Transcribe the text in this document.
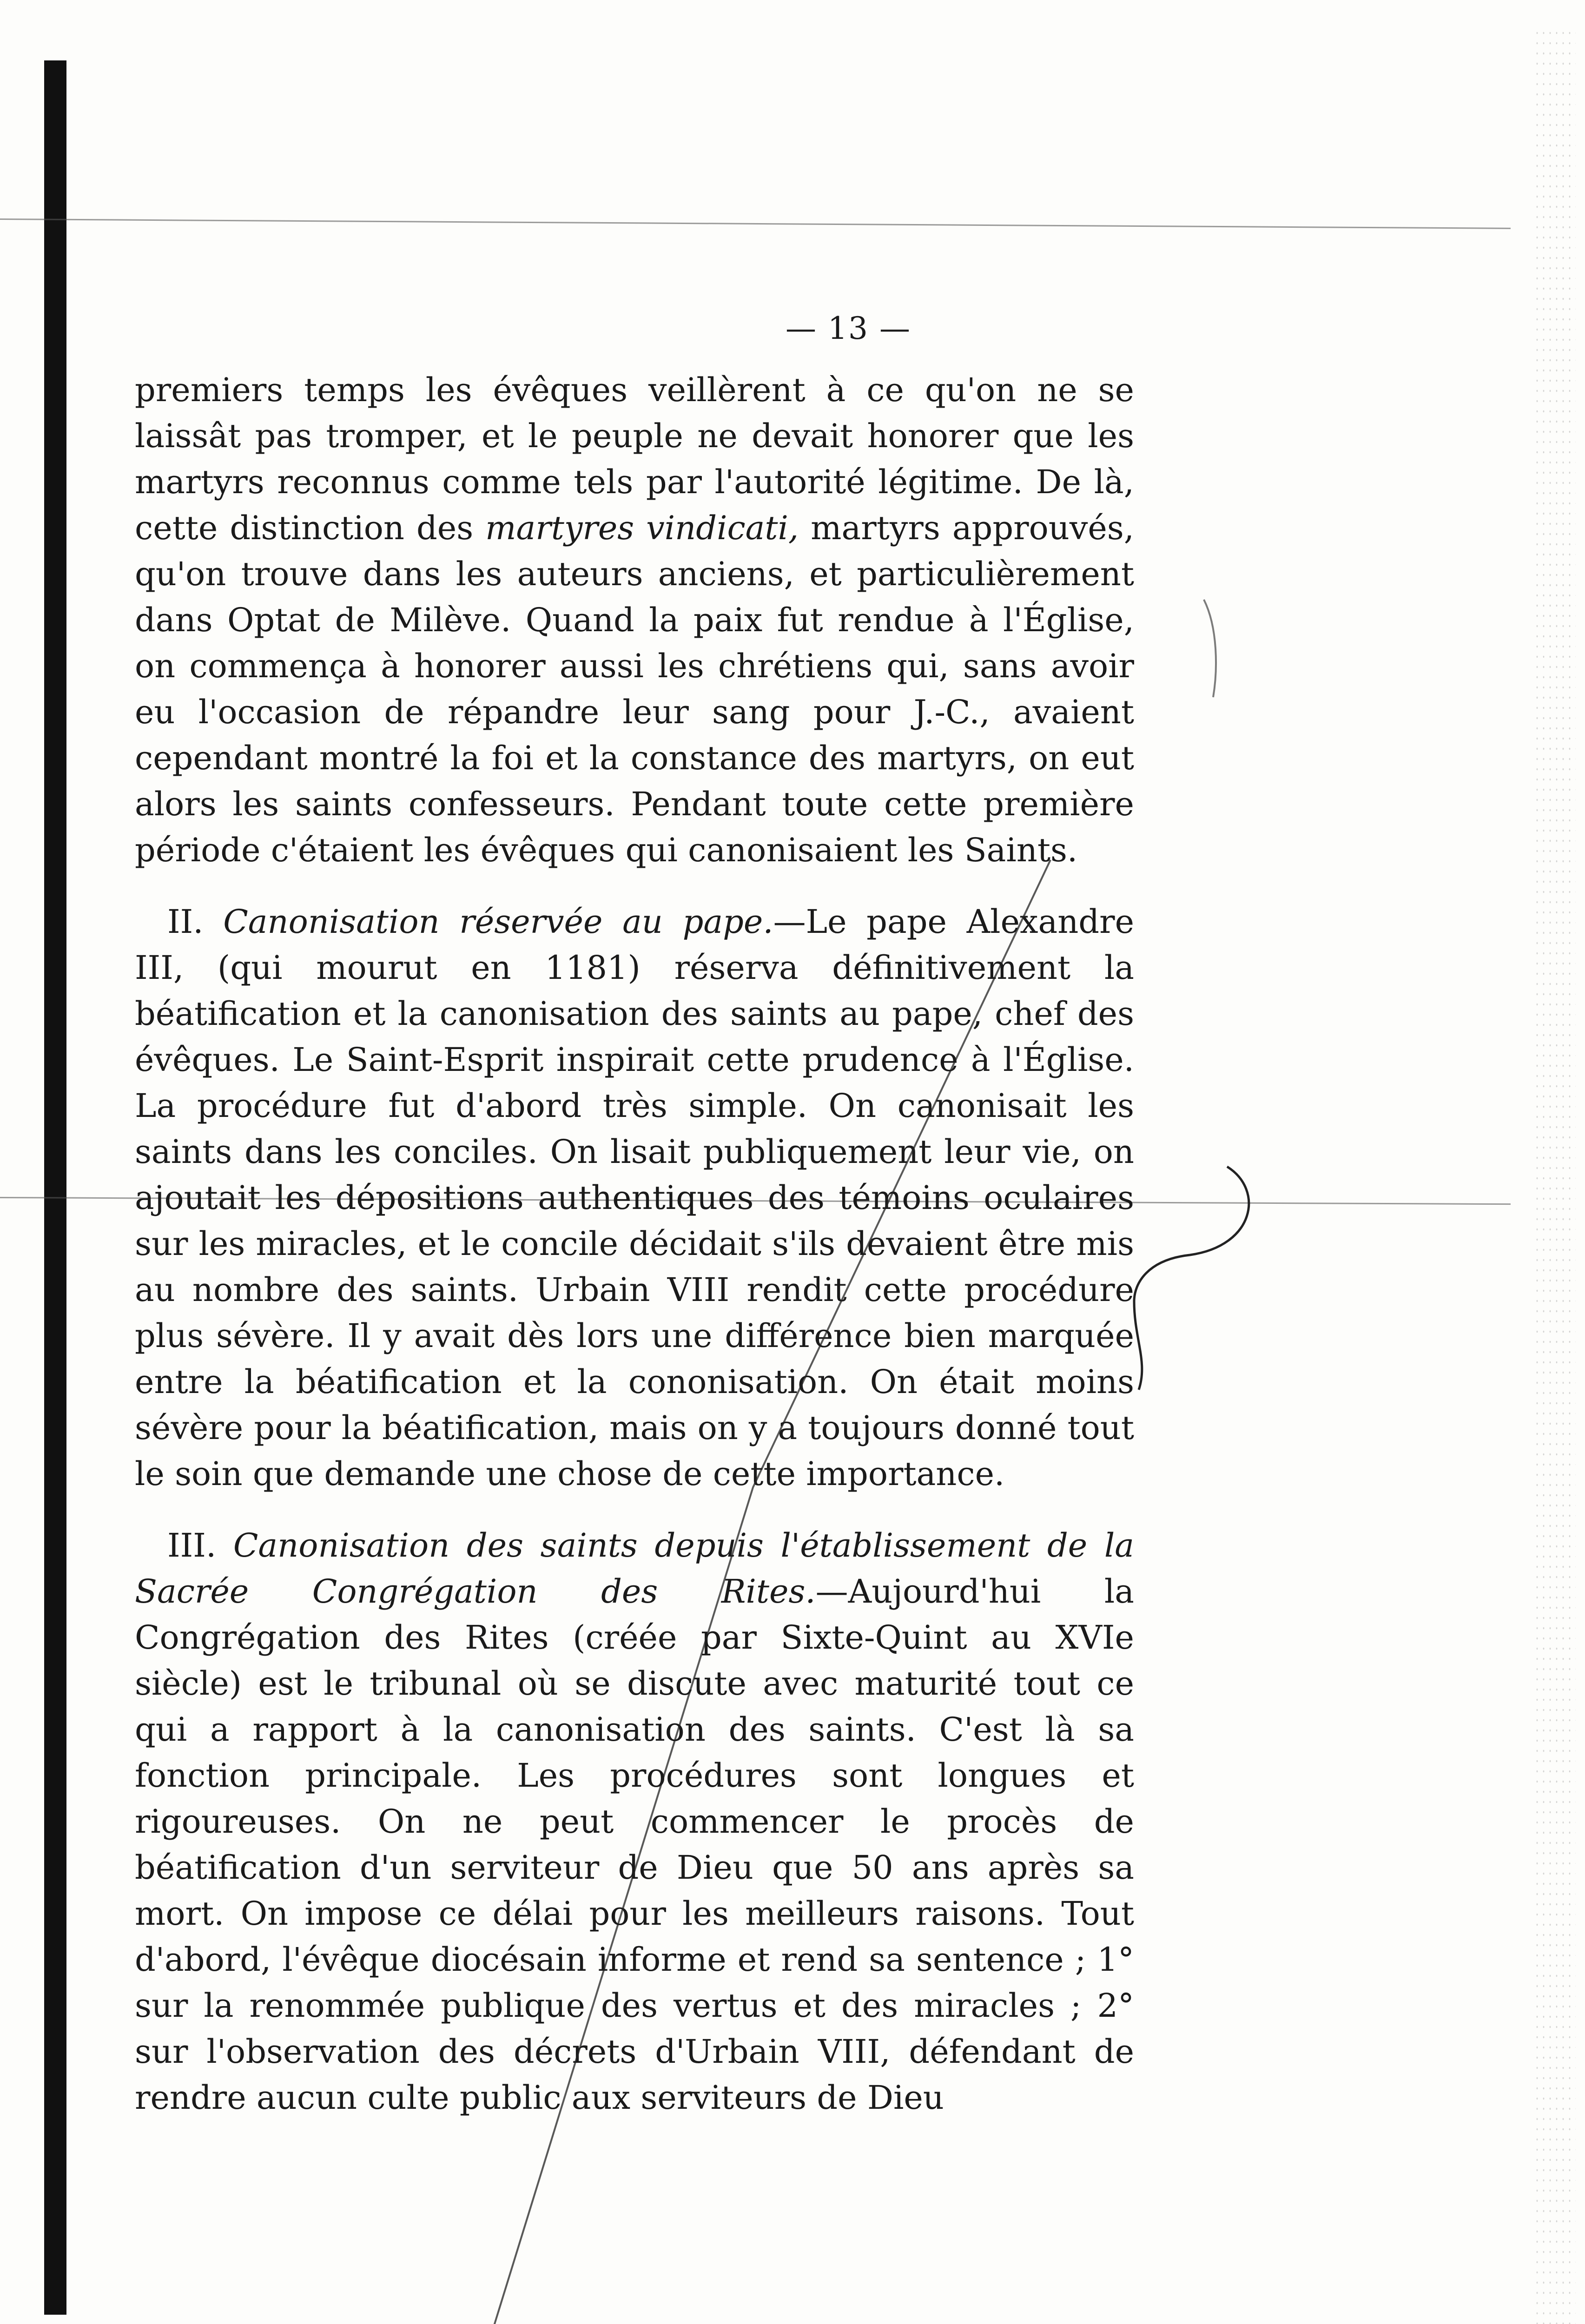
— 13 —

premiers temps les évêques veillèrent à ce qu'on ne se laissât pas tromper, et le peuple ne devait honorer que les martyrs reconnus comme tels par l'autorité légitime. De là, cette distinction des martyres vindicati, martyrs approuvés, qu'on trouve dans les auteurs anciens, et particulièrement dans Optat de Milève. Quand la paix fut rendue à l'Église, on commença à honorer aussi les chrétiens qui, sans avoir eu l'occasion de répandre leur sang pour J.-C., avaient cependant montré la foi et la constance des martyrs, on eut alors les saints confesseurs. Pendant toute cette première période c'étaient les évêques qui canonisaient les Saints.

II. Canonisation réservée au pape.—Le pape Alexandre III, (qui mourut en 1181) réserva définitivement la béatification et la canonisation des saints au pape, chef des évêques. Le Saint-Esprit inspirait cette prudence à l'Église. La procédure fut d'abord très simple. On canonisait les saints dans les conciles. On lisait publiquement leur vie, on ajoutait les dépositions authentiques des témoins oculaires sur les miracles, et le concile décidait s'ils devaient être mis au nombre des saints. Urbain VIII rendit cette procédure plus sévère. Il y avait dès lors une différence bien marquée entre la béatification et la cononisation. On était moins sévère pour la béatification, mais on y a toujours donné tout le soin que demande une chose de cette importance.

III. Canonisation des saints depuis l'établissement de la Sacrée Congrégation des Rites.—Aujourd'hui la Congrégation des Rites (créée par Sixte-Quint au XVIe siècle) est le tribunal où se discute avec maturité tout ce qui a rapport à la canonisation des saints. C'est là sa fonction principale. Les procédures sont longues et rigoureuses. On ne peut commencer le procès de béatification d'un serviteur de Dieu que 50 ans après sa mort. On impose ce délai pour les meilleurs raisons. Tout d'abord, l'évêque diocésain informe et rend sa sentence ; 1° sur la renommée publique des vertus et des miracles ; 2° sur l'observation des décrets d'Urbain VIII, défendant de rendre aucun culte public aux serviteurs de Dieu
